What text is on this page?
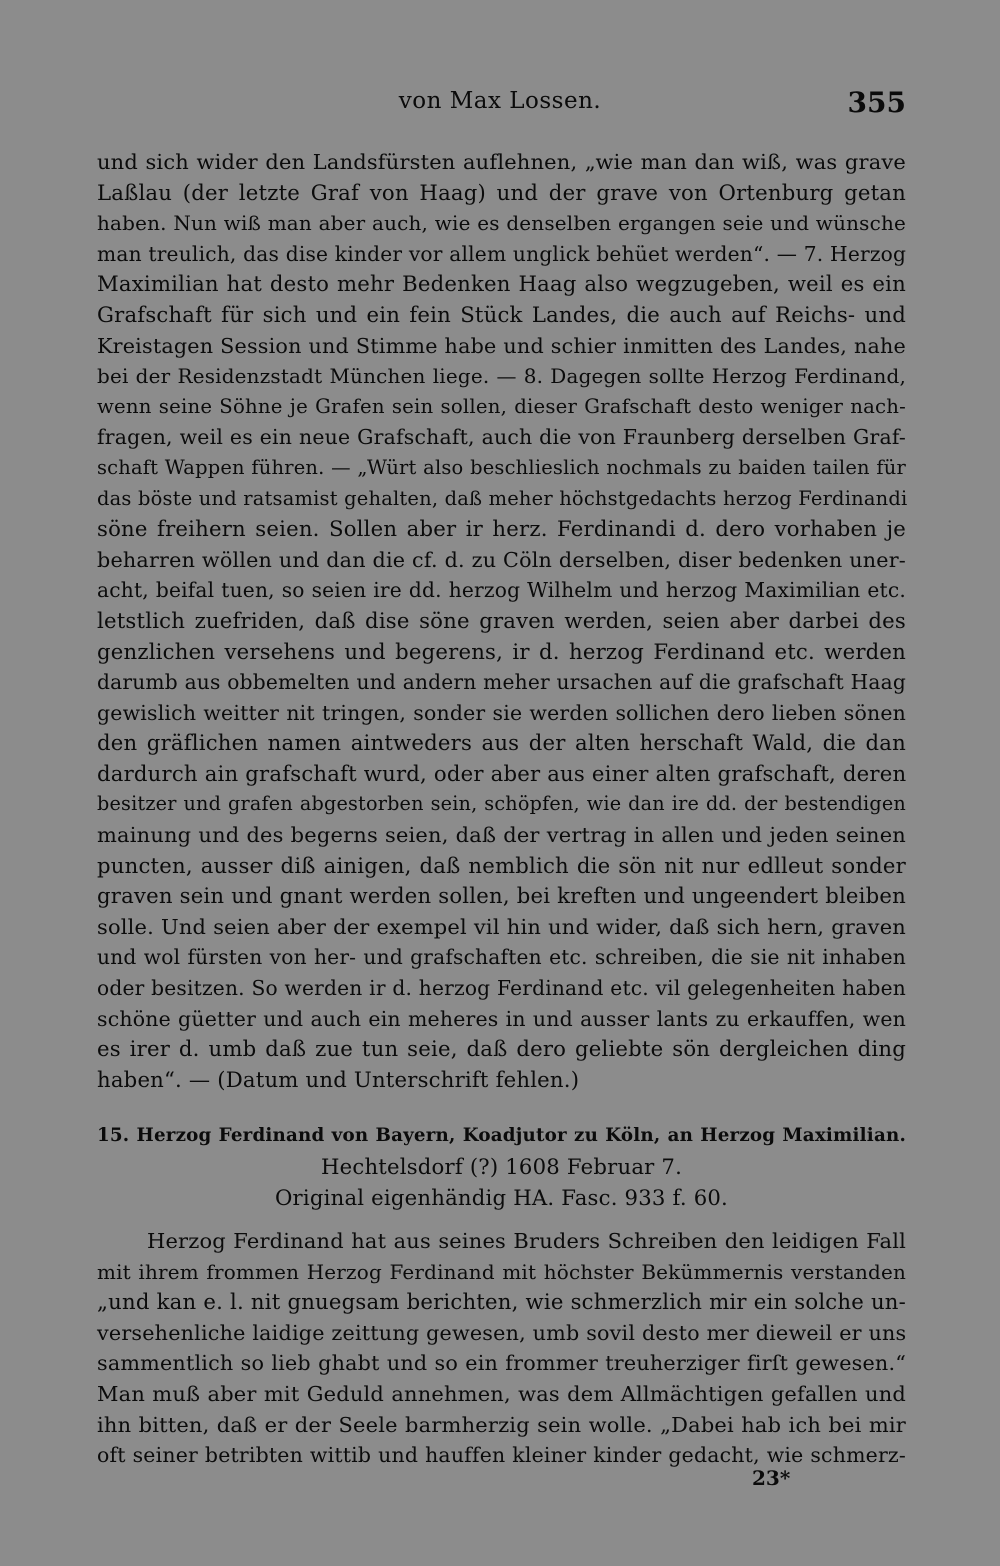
von Max Lossen.	355
und sich wider den Landsfürsten auflehnen, „wie man dan wiß, was grave
Laßlau (der letzte Graf von Haag) und der grave von Ortenburg getan
haben. Nun wiß man aber auch, wie es denselben ergangen seie und wünsche
man treulich, das dise kinder vor allem unglick behüet werden“. — 7. Herzog
Maximilian hat desto mehr Bedenken Haag also wegzugeben, weil es ein
Grafschaft für sich und ein fein Stück Landes, die auch auf Reichs- und
Kreistagen Session und Stimme habe und schier inmitten des Landes, nahe
bei der Residenzstadt München liege. — 8. Dagegen sollte Herzog Ferdinand,
wenn seine Söhne je Grafen sein sollen, dieser Grafschaft desto weniger nach-
fragen, weil es ein neue Grafschaft, auch die von Fraunberg derselben Graf-
schaft Wappen führen. — „Würt also beschlieslich nochmals zu baiden tailen für
das böste und ratsamist gehalten, daß meher höchstgedachts herzog Ferdinandi
söne freihern seien. Sollen aber ir herz. Ferdinandi d. dero vorhaben je
beharren wöllen und dan die cf. d. zu Cöln derselben, diser bedenken uner-
acht, beifal tuen, so seien ire dd. herzog Wilhelm und herzog Maximilian etc.
letstlich zuefriden, daß dise söne graven werden, seien aber darbei des
genzlichen versehens und begerens, ir d. herzog Ferdinand etc. werden
darumb aus obbemelten und andern meher ursachen auf die grafschaft Haag
gewislich weitter nit tringen, sonder sie werden sollichen dero lieben sönen
den gräflichen namen aintweders aus der alten herschaft Wald, die dan
dardurch ain grafschaft wurd, oder aber aus einer alten grafschaft, deren
besitzer und grafen abgestorben sein, schöpfen, wie dan ire dd. der bestendigen
mainung und des begerns seien, daß der vertrag in allen und jeden seinen
puncten, ausser diß ainigen, daß nemblich die sön nit nur edlleut sonder
graven sein und gnant werden sollen, bei kreften und ungeendert bleiben
solle. Und seien aber der exempel vil hin und wider, daß sich hern, graven
und wol fürsten von her- und grafschaften etc. schreiben, die sie nit inhaben
oder besitzen. So werden ir d. herzog Ferdinand etc. vil gelegenheiten haben
schöne güetter und auch ein meheres in und ausser lants zu erkauffen, wen
es irer d. umb daß zue tun seie, daß dero geliebte sön dergleichen ding
haben“. — (Datum und Unterschrift fehlen.)
15. Herzog Ferdinand von Bayern, Koadjutor zu Köln, an Herzog Maximilian.
Hechtelsdorf (?) 1608 Februar 7.
Original eigenhändig HA. Fasc. 933 f. 60.
Herzog Ferdinand hat aus seines Bruders Schreiben den leidigen Fall
mit ihrem frommen Herzog Ferdinand mit höchster Bekümmernis verstanden
„und kan e. l. nit gnuegsam berichten, wie schmerzlich mir ein solche un-
versehenliche laidige zeittung gewesen, umb sovil desto mer dieweil er uns
sammentlich so lieb ghabt und so ein frommer treuherziger firſt gewesen.“
Man muß aber mit Geduld annehmen, was dem Allmächtigen gefallen und
ihn bitten, daß er der Seele barmherzig sein wolle. „Dabei hab ich bei mir
oft seiner betribten wittib und hauffen kleiner kinder gedacht, wie schmerz-
23*
